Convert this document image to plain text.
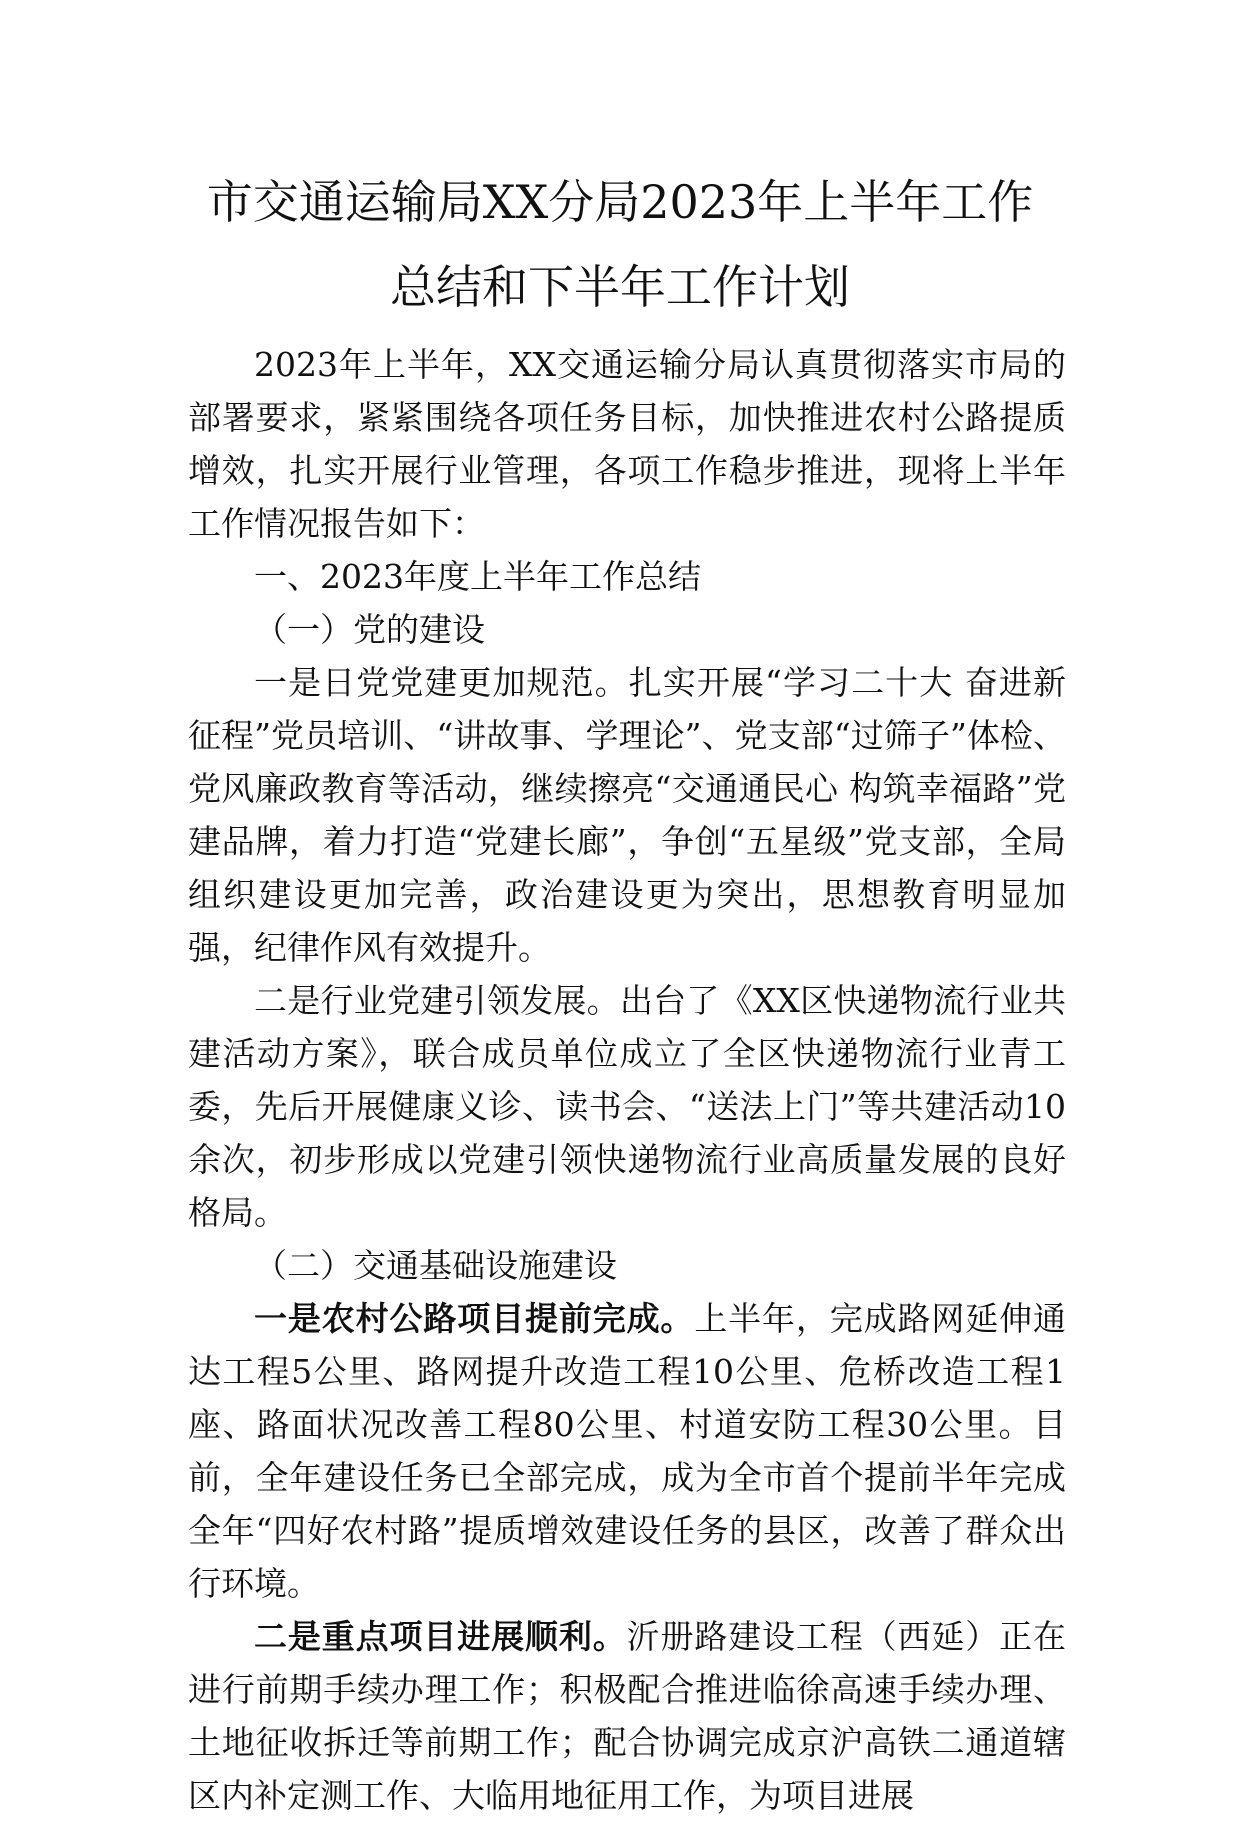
市交通运输局XX分局2023年上半年工作
总结和下半年工作计划

2023年上半年，XX交通运输分局认真贯彻落实市局的部署要求，紧紧围绕各项任务目标，加快推进农村公路提质增效，扎实开展行业管理，各项工作稳步推进，现将上半年工作情况报告如下：

一、2023年度上半年工作总结

（一）党的建设

一是日党党建更加规范。扎实开展“学习二十大 奋进新征程”党员培训、“讲故事、学理论”、党支部“过筛子”体检、党风廉政教育等活动，继续擦亮“交通通民心 构筑幸福路”党建品牌，着力打造“党建长廊”，争创“五星级”党支部，全局组织建设更加完善，政治建设更为突出，思想教育明显加强，纪律作风有效提升。

二是行业党建引领发展。出台了《XX区快递物流行业共建活动方案》，联合成员单位成立了全区快递物流行业青工委，先后开展健康义诊、读书会、“送法上门”等共建活动10余次，初步形成以党建引领快递物流行业高质量发展的良好格局。

（二）交通基础设施建设

一是农村公路项目提前完成。上半年，完成路网延伸通达工程5公里、路网提升改造工程10公里、危桥改造工程1座、路面状况改善工程80公里、村道安防工程30公里。目前，全年建设任务已全部完成，成为全市首个提前半年完成全年“四好农村路”提质增效建设任务的县区，改善了群众出行环境。

二是重点项目进展顺利。沂册路建设工程（西延）正在进行前期手续办理工作；积极配合推进临徐高速手续办理、土地征收拆迁等前期工作；配合协调完成京沪高铁二通道辖区内补定测工作、大临用地征用工作，为项目进展
